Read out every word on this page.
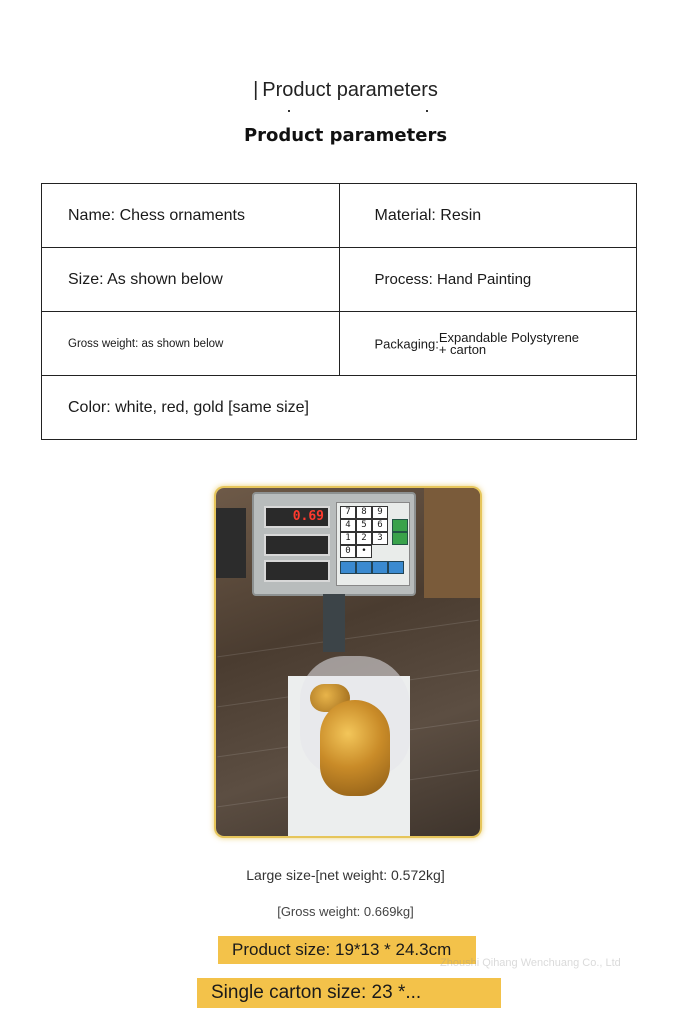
| Product parameters
Product parameters
Name: Chess ornaments	Material: Resin
Size: As shown below	Process: Hand Painting
Gross weight: as shown below	Packaging:Expandable Polystyrene
+ carton
Color: white, red, gold [same size]	
0.69	7	8	9
4	5	6
1	2	3
0	•
Large size-[net weight: 0.572kg]
[Gross weight: 0.669kg]
Product size: 19*13 * 24.3cm
Zhoushi Qihang Wenchuang Co., Ltd
Single carton size: 23 *...
